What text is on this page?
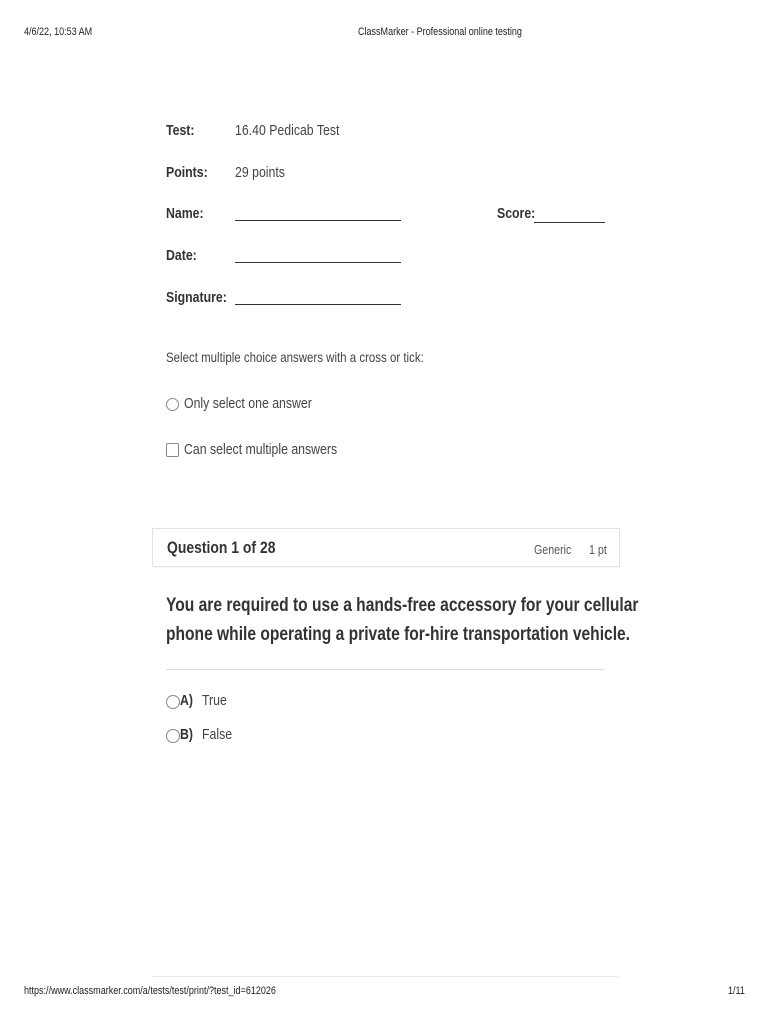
4/6/22, 10:53 AM	ClassMarker - Professional online testing
Test:	16.40 Pedicab Test
Points: 29 points
Name:	Score:
Date:
Signature:
Select multiple choice answers with a cross or tick:
Only select one answer
Can select multiple answers
Question 1 of 28	Generic 1 pt
You are required to use a hands-free accessory for your cellular phone while operating a private for-hire transportation vehicle.
A) True
B) False
https://www.classmarker.com/a/tests/test/print/?test_id=612026	1/11
